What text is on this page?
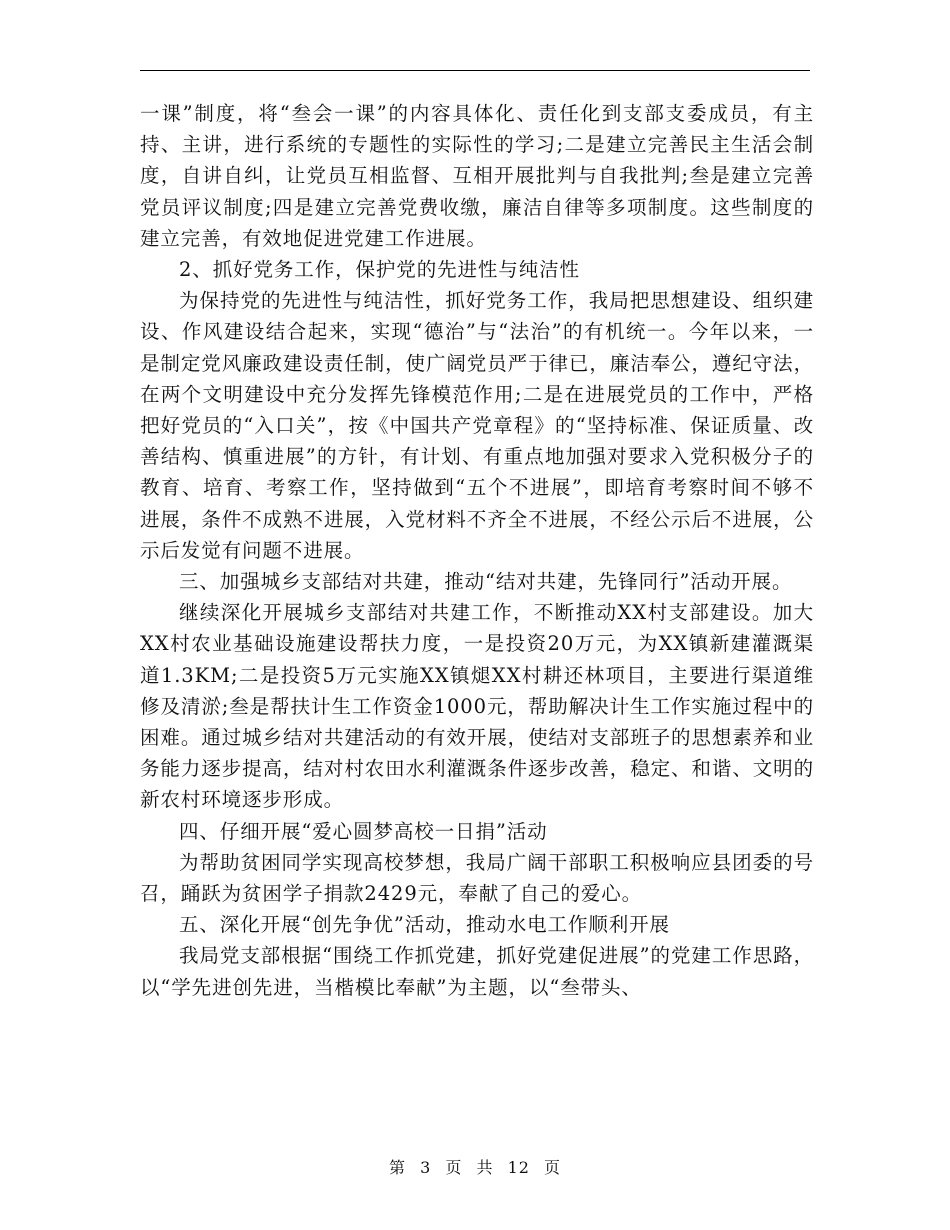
一课”制度，将“叁会一课”的内容具体化、责任化到支部支委成员，有主持、主讲，进行系统的专题性的实际性的学习;二是建立完善民主生活会制度，自讲自纠，让党员互相监督、互相开展批判与自我批判;叁是建立完善党员评议制度;四是建立完善党费收缴，廉洁自律等多项制度。这些制度的建立完善，有效地促进党建工作进展。

2、抓好党务工作，保护党的先进性与纯洁性

为保持党的先进性与纯洁性，抓好党务工作，我局把思想建设、组织建设、作风建设结合起来，实现“德治”与“法治”的有机统一。今年以来，一是制定党风廉政建设责任制，使广阔党员严于律已，廉洁奉公，遵纪守法，在两个文明建设中充分发挥先锋模范作用;二是在进展党员的工作中，严格把好党员的“入口关”，按《中国共产党章程》的“坚持标准、保证质量、改善结构、慎重进展”的方针，有计划、有重点地加强对要求入党积极分子的教育、培育、考察工作，坚持做到“五个不进展”，即培育考察时间不够不进展，条件不成熟不进展，入党材料不齐全不进展，不经公示后不进展，公示后发觉有问题不进展。

三、加强城乡支部结对共建，推动“结对共建，先锋同行”活动开展。

继续深化开展城乡支部结对共建工作，不断推动XX村支部建设。加大XX村农业基础设施建设帮扶力度，一是投资20万元，为XX镇新建灌溉渠道1.3KM;二是投资5万元实施XX镇煺XX村耕还林项目，主要进行渠道维修及清淤;叁是帮扶计生工作资金1000元，帮助解决计生工作实施过程中的困难。通过城乡结对共建活动的有效开展，使结对支部班子的思想素养和业务能力逐步提高，结对村农田水利灌溉条件逐步改善，稳定、和谐、文明的新农村环境逐步形成。

四、仔细开展“爱心圆梦高校一日捐”活动

为帮助贫困同学实现高校梦想，我局广阔干部职工积极响应县团委的号召，踊跃为贫困学子捐款2429元，奉献了自己的爱心。

五、深化开展“创先争优”活动，推动水电工作顺利开展

我局党支部根据“围绕工作抓党建，抓好党建促进展”的党建工作思路，以“学先进创先进，当楷模比奉献”为主题，以“叁带头、

第 3 页 共 12 页
